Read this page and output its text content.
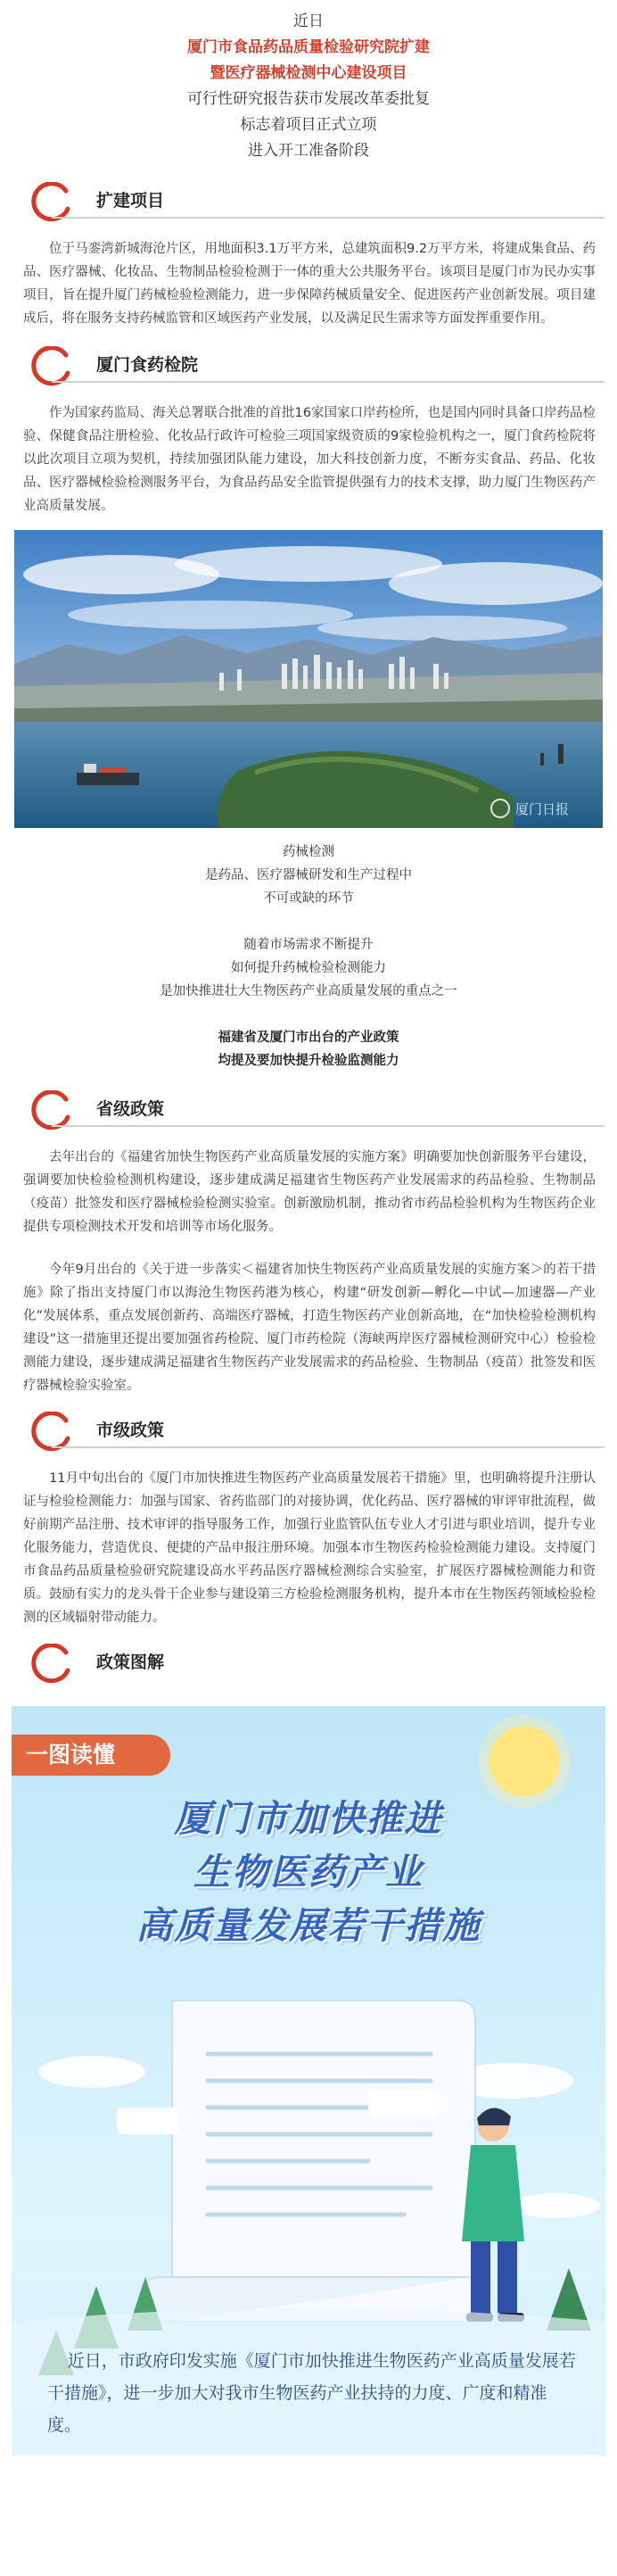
近日
厦门市食品药品质量检验研究院扩建
暨医疗器械检测中心建设项目
可行性研究报告获市发展改革委批复
标志着项目正式立项
进入开工准备阶段
扩建项目

位于马銮湾新城海沧片区，用地面积3.1万平方米，总建筑面积9.2万平方米，将建成集食品、药品、医疗器械、化妆品、生物制品检验检测于一体的重大公共服务平台。该项目是厦门市为民办实事项目，旨在提升厦门药械检验检测能力，进一步保障药械质量安全、促进医药产业创新发展。项目建成后，将在服务支持药械监管和区域医药产业发展，以及满足民生需求等方面发挥重要作用。

厦门食药检院

作为国家药监局、海关总署联合批准的首批16家国家口岸药检所，也是国内同时具备口岸药品检验、保健食品注册检验、化妆品行政许可检验三项国家级资质的9家检验机构之一，厦门食药检院将以此次项目立项为契机，持续加强团队能力建设，加大科技创新力度，不断夯实食品、药品、化妆品、医疗器械检验检测服务平台，为食品药品安全监管提供强有力的技术支撑，助力厦门生物医药产业高质量发展。

厦门日报
药械检测
是药品、医疗器械研发和生产过程中
不可或缺的环节
随着市场需求不断提升
如何提升药械检验检测能力
是加快推进壮大生物医药产业高质量发展的重点之一
福建省及厦门市出台的产业政策
均提及要加快提升检验监测能力
省级政策

去年出台的《福建省加快生物医药产业高质量发展的实施方案》明确要加快创新服务平台建设，强调要加快检验检测机构建设，逐步建成满足福建省生物医药产业发展需求的药品检验、生物制品（疫苗）批签发和医疗器械检验检测实验室。创新激励机制，推动省市药品检验机构为生物医药企业提供专项检测技术开发和培训等市场化服务。

今年9月出台的《关于进一步落实＜福建省加快生物医药产业高质量发展的实施方案＞的若干措施》除了指出支持厦门市以海沧生物医药港为核心，构建“研发创新—孵化—中试—加速器—产业化”发展体系，重点发展创新药、高端医疗器械，打造生物医药产业创新高地，在“加快检验检测机构建设”这一措施里还提出要加强省药检院、厦门市药检院（海峡两岸医疗器械检测研究中心）检验检测能力建设，逐步建成满足福建省生物医药产业发展需求的药品检验、生物制品（疫苗）批签发和医疗器械检验实验室。

市级政策

11月中旬出台的《厦门市加快推进生物医药产业高质量发展若干措施》里，也明确将提升注册认证与检验检测能力：加强与国家、省药监部门的对接协调，优化药品、医疗器械的审评审批流程，做好前期产品注册、技术审评的指导服务工作，加强行业监管队伍专业人才引进与职业培训，提升专业化服务能力，营造优良、便捷的产品申报注册环境。加强本市生物医药检验检测能力建设。支持厦门市食品药品质量检验研究院建设高水平药品医疗器械检测综合实验室，扩展医疗器械检测能力和资质。鼓励有实力的龙头骨干企业参与建设第三方检验检测服务机构，提升本市在生物医药领域检验检测的区域辐射带动能力。

政策图解
一图读懂
厦门市加快推进
生物医药产业
高质量发展若干措施
近日，市政府印发实施《厦门市加快推进生物医药产业高质量发展若干措施》，进一步加大对我市生物医药产业扶持的力度、广度和精准度。
